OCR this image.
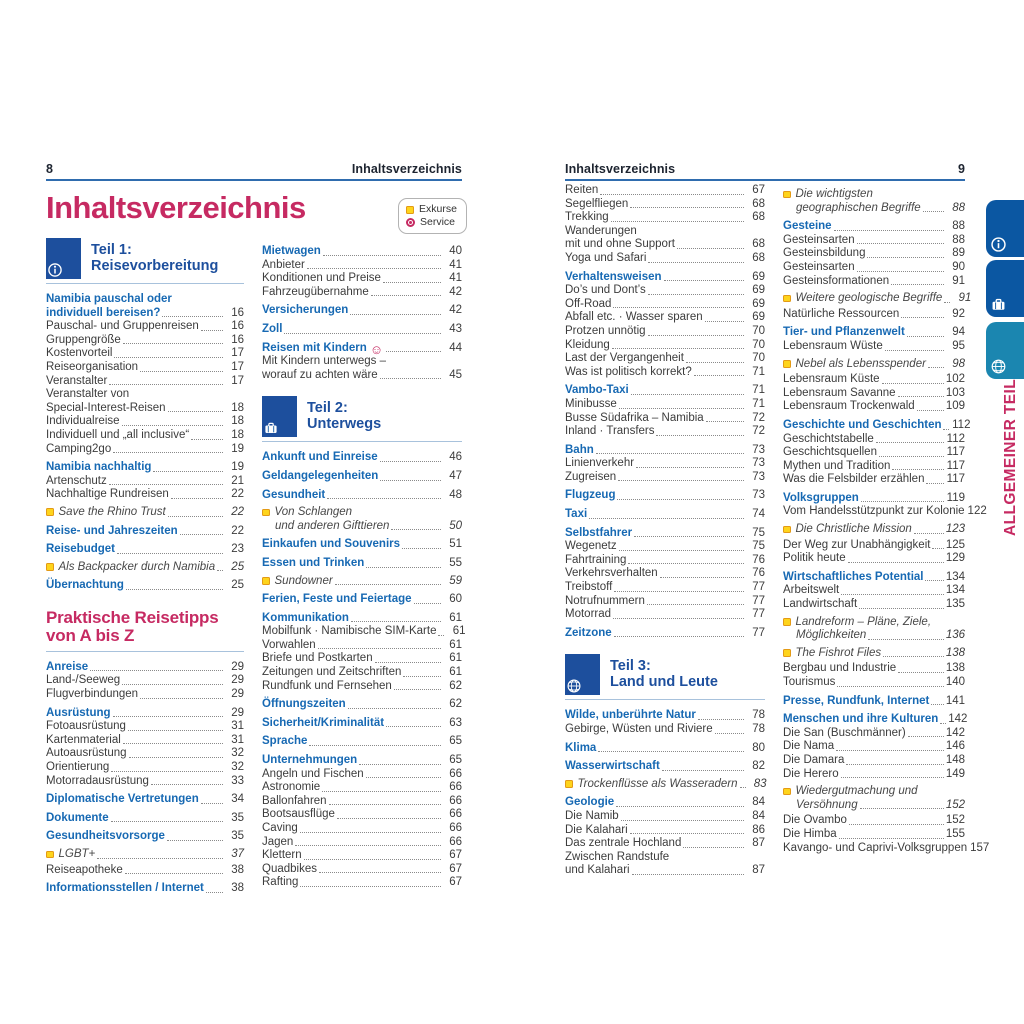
8	Inhaltsverzeichnis	Inhaltsverzeichnis	9
Inhaltsverzeichnis	Exkurse
Service
Teil 1:
Reisevorbereitung
Namibia pauschal oder
individuell bereisen?	16
Pauschal- und Gruppenreisen	16
Gruppengröße	16
Kostenvorteil	17
Reiseorganisation	17
Veranstalter	17
Veranstalter von
Special-Interest-Reisen	18
Individualreise	18
Individuell und „all inclusive“	18
Camping2go	19
Namibia nachhaltig	19
Artenschutz	21
Nachhaltige Rundreisen	22
Save the Rhino Trust	22
Reise- und Jahreszeiten	22
Reisebudget	23
Als Backpacker durch Namibia	25
Übernachtung	25
Praktische Reisetipps
von A bis Z
Anreise	29
Land-/Seeweg	29
Flugverbindungen	29
Ausrüstung	29
Fotoausrüstung	31
Kartenmaterial	31
Autoausrüstung	32
Orientierung	32
Motorradausrüstung	33
Diplomatische Vertretungen	34
Dokumente	35
Gesundheitsvorsorge	35
LGBT+	37
Reiseapotheke	38
Informationsstellen / Internet	38
Mietwagen	40
Anbieter	41
Konditionen und Preise	41
Fahrzeugübernahme	42
Versicherungen	42
Zoll	43
Reisen mit Kindern ☺	44
Mit Kindern unterwegs –
worauf zu achten wäre	45
Teil 2:
Unterwegs
Ankunft und Einreise	46
Geldangelegenheiten	47
Gesundheit	48
Von Schlangen
und anderen Gifttieren	50
Einkaufen und Souvenirs	51
Essen und Trinken	55
Sundowner	59
Ferien, Feste und Feiertage	60
Kommunikation	61
Mobilfunk · Namibische SIM-Karte	61
Vorwahlen	61
Briefe und Postkarten	61
Zeitungen und Zeitschriften	61
Rundfunk und Fernsehen	62
Öffnungszeiten	62
Sicherheit/Kriminalität	63
Sprache	65
Unternehmungen	65
Angeln und Fischen	66
Astronomie	66
Ballonfahren	66
Bootsausflüge	66
Caving	66
Jagen	66
Klettern	67
Quadbikes	67
Rafting	67
Reiten	67
Segelfliegen	68
Trekking	68
Wanderungen
mit und ohne Support	68
Yoga und Safari	68
Verhaltensweisen	69
Do’s und Dont’s	69
Off-Road	69
Abfall etc. · Wasser sparen	69
Protzen unnötig	70
Kleidung	70
Last der Vergangenheit	70
Was ist politisch korrekt?	71
Vambo-Taxi	71
Minibusse	71
Busse Südafrika – Namibia	72
Inland · Transfers	72
Bahn	73
Linienverkehr	73
Zugreisen	73
Flugzeug	73
Taxi	74
Selbstfahrer	75
Wegenetz	75
Fahrtraining	76
Verkehrsverhalten	76
Treibstoff	77
Notrufnummern	77
Motorrad	77
Zeitzone	77
Teil 3:
Land und Leute
Wilde, unberührte Natur	78
Gebirge, Wüsten und Riviere	78
Klima	80
Wasserwirtschaft	82
Trockenflüsse als Wasseradern	83
Geologie	84
Die Namib	84
Die Kalahari	86
Das zentrale Hochland	87
Zwischen Randstufe
und Kalahari	87
Die wichtigsten
geographischen Begriffe	88
Gesteine	88
Gesteinsarten	88
Gesteinsbildung	89
Gesteinsarten	90
Gesteinsformationen	91
Weitere geologische Begriffe	91
Natürliche Ressourcen	92
Tier- und Pflanzenwelt	94
Lebensraum Wüste	95
Nebel als Lebensspender	98
Lebensraum Küste	102
Lebensraum Savanne	103
Lebensraum Trockenwald	109
Geschichte und Geschichten 112
Geschichtstabelle	112
Geschichtsquellen	117
Mythen und Tradition	117
Was die Felsbilder erzählen 117
Volksgruppen	119
Vom Handelsstützpunkt zur Kolonie 122
Die Christliche Mission	123
Der Weg zur Unabhängigkeit 125
Politik heute	129
Wirtschaftliches Potential 134
Arbeitswelt	134
Landwirtschaft	135
Landreform – Pläne, Ziele,
Möglichkeiten	136
The Fishrot Files	138
Bergbau und Industrie	138
Tourismus	140
Presse, Rundfunk, Internet 141
Menschen und ihre Kulturen 142
Die San (Buschmänner)	142
Die Nama	146
Die Damara	148
Die Herero	149
Wiedergutmachung und
Versöhnung	152
Die Ovambo	152
Die Himba	155
Kavango- und Caprivi-Volksgruppen 157
ALLGEMEINER TEIL
